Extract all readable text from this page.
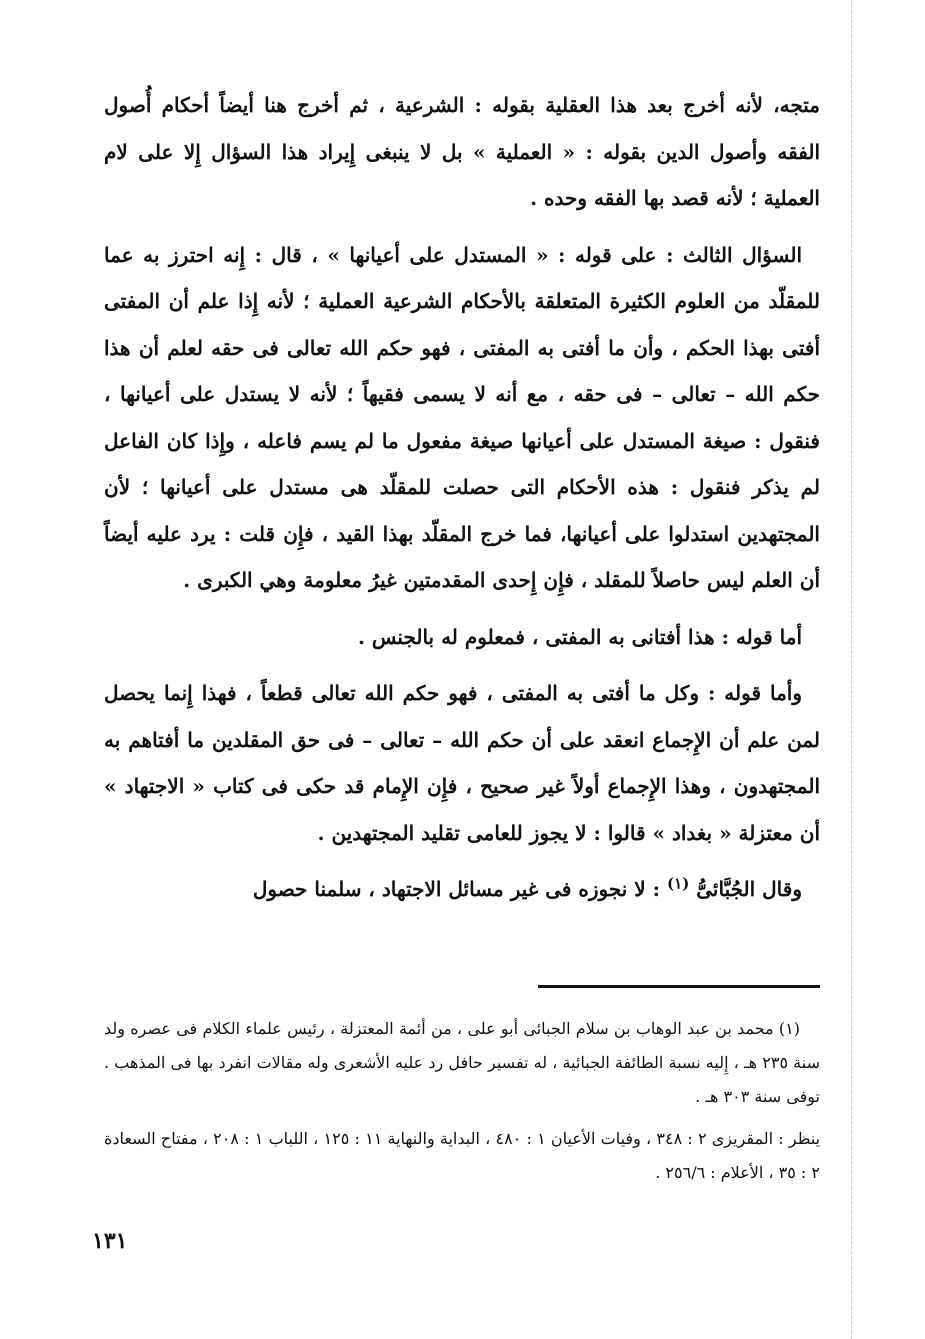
متجه، لأنه أخرج بعد هذا العقلية بقوله : الشرعية ، ثم أخرج هنا أيضاً أحكام أُصول الفقه وأصول الدين بقوله : « العملية » بل لا ينبغى إِيراد هذا السؤال إِلا على لام العملية ؛ لأنه قصد بها الفقه وحده .

السؤال الثالث : على قوله : « المستدل على أعيانها » ، قال : إِنه احترز به عما للمقلّد من العلوم الكثيرة المتعلقة بالأحكام الشرعية العملية ؛ لأنه إِذا علم أن المفتى أفتى بهذا الحكم ، وأن ما أفتى به المفتى ، فهو حكم الله تعالى فى حقه لعلم أن هذا حكم الله – تعالى – فى حقه ، مع أنه لا يسمى فقيهاً ؛ لأنه لا يستدل على أعيانها ، فنقول : صيغة المستدل على أعيانها صيغة مفعول ما لم يسم فاعله ، وإِذا كان الفاعل لم يذكر فنقول : هذه الأحكام التى حصلت للمقلّد هى مستدل على أعيانها ؛ لأن المجتهدين استدلوا على أعيانها، فما خرج المقلّد بهذا القيد ، فإِن قلت : يرد عليه أيضاً أن العلم ليس حاصلاً للمقلد ، فإِن إِحدى المقدمتين غيرُ معلومة وهي الكبرى .

أما قوله : هذا أفتانى به المفتى ، فمعلوم له بالجنس .

وأما قوله : وكل ما أفتى به المفتى ، فهو حكم الله تعالى قطعاً ، فهذا إِنما يحصل لمن علم أن الإِجماع انعقد على أن حكم الله – تعالى – فى حق المقلدين ما أفتاهم به المجتهدون ، وهذا الإِجماع أولاً غير صحيح ، فإِن الإِمام قد حكى فى كتاب « الاجتهاد » أن معتزلة « بغداد » قالوا : لا يجوز للعامى تقليد المجتهدين .

وقال الجُبَّائىُّ $^{(١)}$ : لا نجوزه فى غير مسائل الاجتهاد ، سلمنا حصول

(١) محمد بن عبد الوهاب بن سلام الجبائى أبو على ، من أئمة المعتزلة ، رئيس علماء الكلام فى عصره ولد سنة ٢٣٥ هـ ، إِليه نسبة الطائفة الجبائية ، له تفسير حافل رد عليه الأشعرى وله مقالات انفرد بها فى المذهب . توفى سنة ٣٠٣ هـ .

ينظر : المقريزى ٢ : ٣٤٨ ، وفيات الأعيان ١ : ٤٨٠ ، البداية والنهاية ١١ : ١٢٥ ، اللباب ١ : ٢٠٨ ، مفتاح السعادة ٢ : ٣٥ ، الأعلام : ٢٥٦/٦ .

١٣١
